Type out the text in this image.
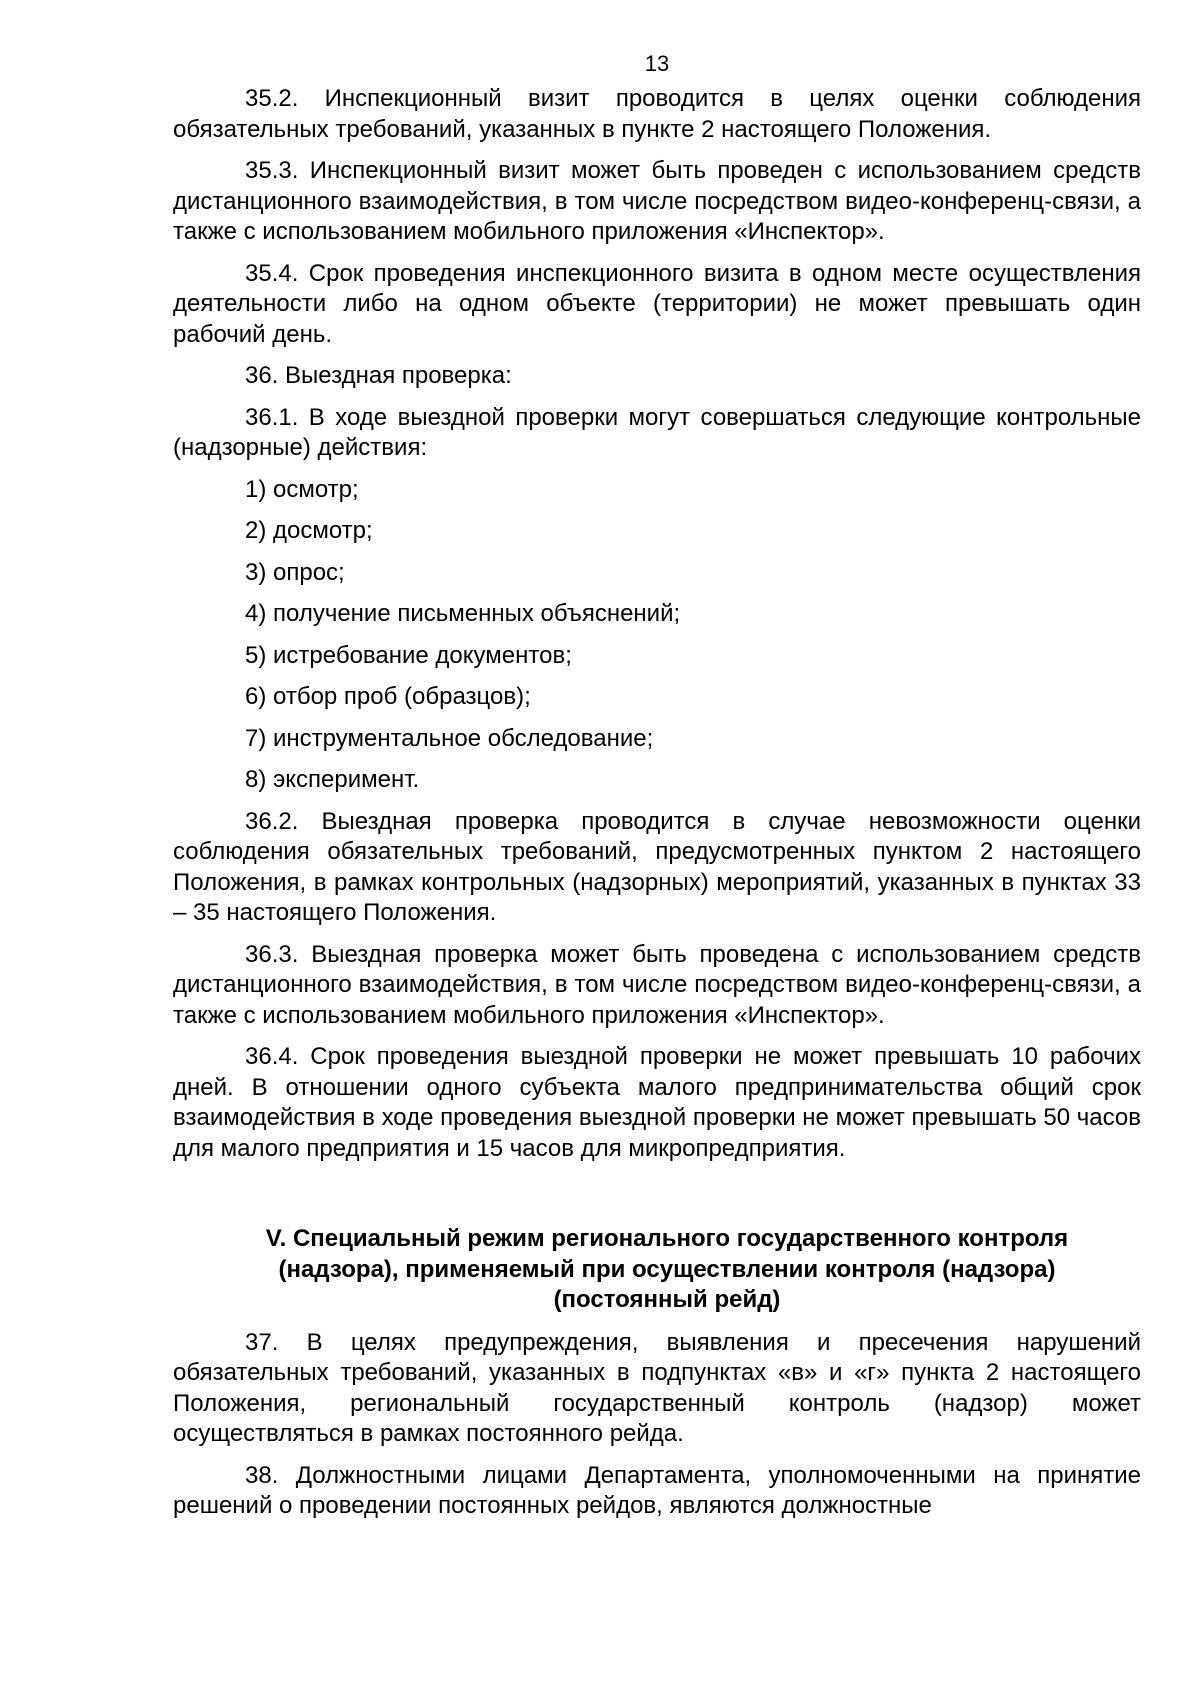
13

35.2. Инспекционный визит проводится в целях оценки соблюдения обязательных требований, указанных в пункте 2 настоящего Положения.

35.3. Инспекционный визит может быть проведен с использованием средств дистанционного взаимодействия, в том числе посредством видео-конференц-связи, а также с использованием мобильного приложения «Инспектор».

35.4. Срок проведения инспекционного визита в одном месте осуществления деятельности либо на одном объекте (территории) не может превышать один рабочий день.

36. Выездная проверка:

36.1. В ходе выездной проверки могут совершаться следующие контрольные (надзорные) действия:

1) осмотр;

2) досмотр;

3) опрос;

4) получение письменных объяснений;

5) истребование документов;

6) отбор проб (образцов);

7) инструментальное обследование;

8) эксперимент.

36.2. Выездная проверка проводится в случае невозможности оценки соблюдения обязательных требований, предусмотренных пунктом 2 настоящего Положения, в рамках контрольных (надзорных) мероприятий, указанных в пунктах 33 – 35 настоящего Положения.

36.3. Выездная проверка может быть проведена с использованием средств дистанционного взаимодействия, в том числе посредством видео-конференц-связи, а также с использованием мобильного приложения «Инспектор».

36.4. Срок проведения выездной проверки не может превышать 10 рабочих дней. В отношении одного субъекта малого предпринимательства общий срок взаимодействия в ходе проведения выездной проверки не может превышать 50 часов для малого предприятия и 15 часов для микропредприятия.

V. Специальный режим регионального государственного контроля
(надзора), применяемый при осуществлении контроля (надзора)
(постоянный рейд)

37. В целях предупреждения, выявления и пресечения нарушений обязательных требований, указанных в подпунктах «в» и «г» пункта 2 настоящего Положения, региональный государственный контроль (надзор) может осуществляться в рамках постоянного рейда.

38. Должностными лицами Департамента, уполномоченными на принятие решений о проведении постоянных рейдов, являются должностные
